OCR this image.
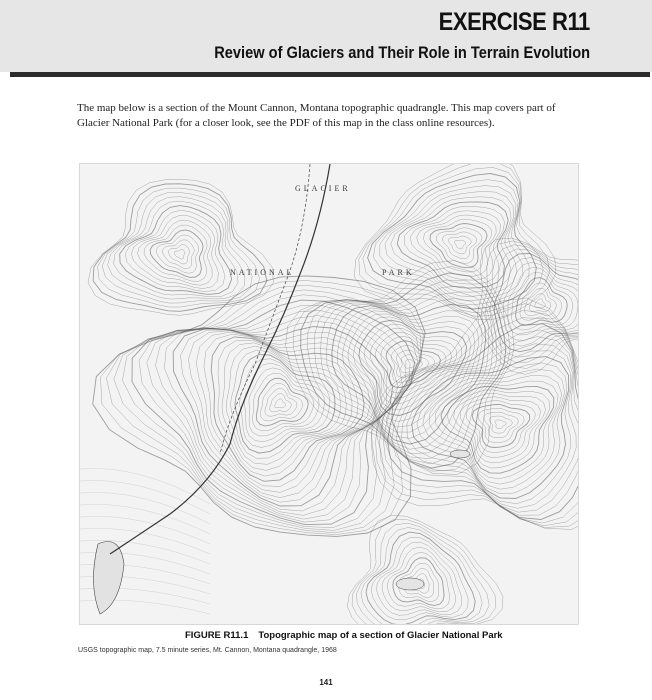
EXERCISE R11
Review of Glaciers and Their Role in Terrain Evolution

The map below is a section of the Mount Cannon, Montana topographic quadrangle. This map covers part of Glacier National Park (for a closer look, see the PDF of this map in the class online resources).

GLACIER
NATIONAL	PARK
FIGURE R11.1 Topographic map of a section of Glacier National Park
USGS topographic map, 7.5 minute series, Mt. Cannon, Montana quadrangle, 1968
141
